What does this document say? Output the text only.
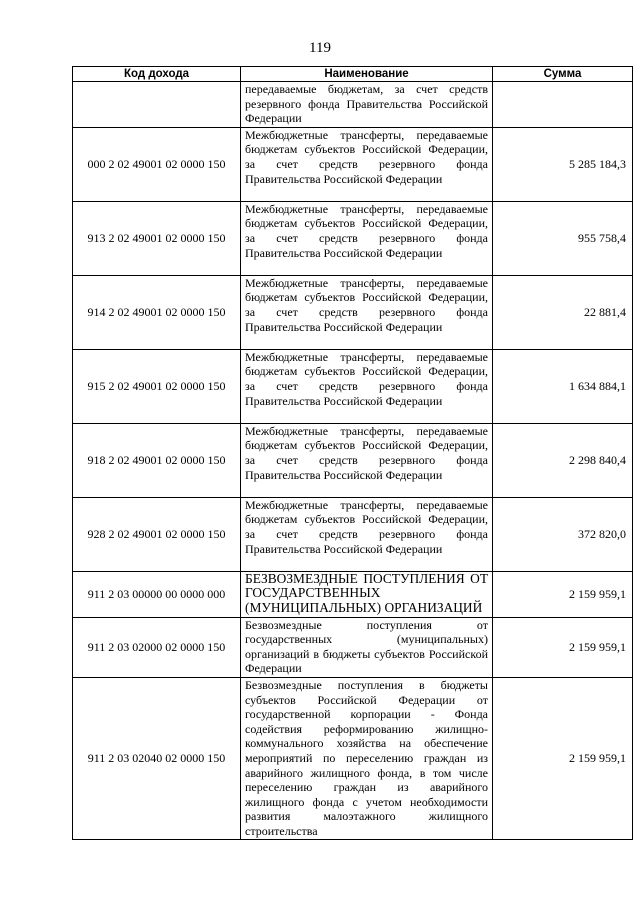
119
Код дохода	Наименование	Сумма
	передаваемые бюджетам, за счет средств резервного фонда Правительства Российской Федерации	
000 2 02 49001 02 0000 150	Межбюджетные трансферты, передаваемые бюджетам субъектов Российской Федерации, за счет средств резервного фонда Правительства Российской Федерации	5 285 184,3
913 2 02 49001 02 0000 150	Межбюджетные трансферты, передаваемые бюджетам субъектов Российской Федерации, за счет средств резервного фонда Правительства Российской Федерации	955 758,4
914 2 02 49001 02 0000 150	Межбюджетные трансферты, передаваемые бюджетам субъектов Российской Федерации, за счет средств резервного фонда Правительства Российской Федерации	22 881,4
915 2 02 49001 02 0000 150	Межбюджетные трансферты, передаваемые бюджетам субъектов Российской Федерации, за счет средств резервного фонда Правительства Российской Федерации	1 634 884,1
918 2 02 49001 02 0000 150	Межбюджетные трансферты, передаваемые бюджетам субъектов Российской Федерации, за счет средств резервного фонда Правительства Российской Федерации	2 298 840,4
928 2 02 49001 02 0000 150	Межбюджетные трансферты, передаваемые бюджетам субъектов Российской Федерации, за счет средств резервного фонда Правительства Российской Федерации	372 820,0
911 2 03 00000 00 0000 000	БЕЗВОЗМЕЗДНЫЕ ПОСТУПЛЕНИЯ ОТ ГОСУДАРСТВЕННЫХ (МУНИЦИПАЛЬНЫХ) ОРГАНИЗАЦИЙ	2 159 959,1
911 2 03 02000 02 0000 150	Безвозмездные поступления от государственных (муниципальных) организаций в бюджеты субъектов Российской Федерации	2 159 959,1
911 2 03 02040 02 0000 150	Безвозмездные поступления в бюджеты субъектов Российской Федерации от государственной корпорации - Фонда содействия реформированию жилищно-коммунального хозяйства на обеспечение мероприятий по переселению граждан из аварийного жилищного фонда, в том числе переселению граждан из аварийного жилищного фонда с учетом необходимости развития малоэтажного жилищного строительства	2 159 959,1
